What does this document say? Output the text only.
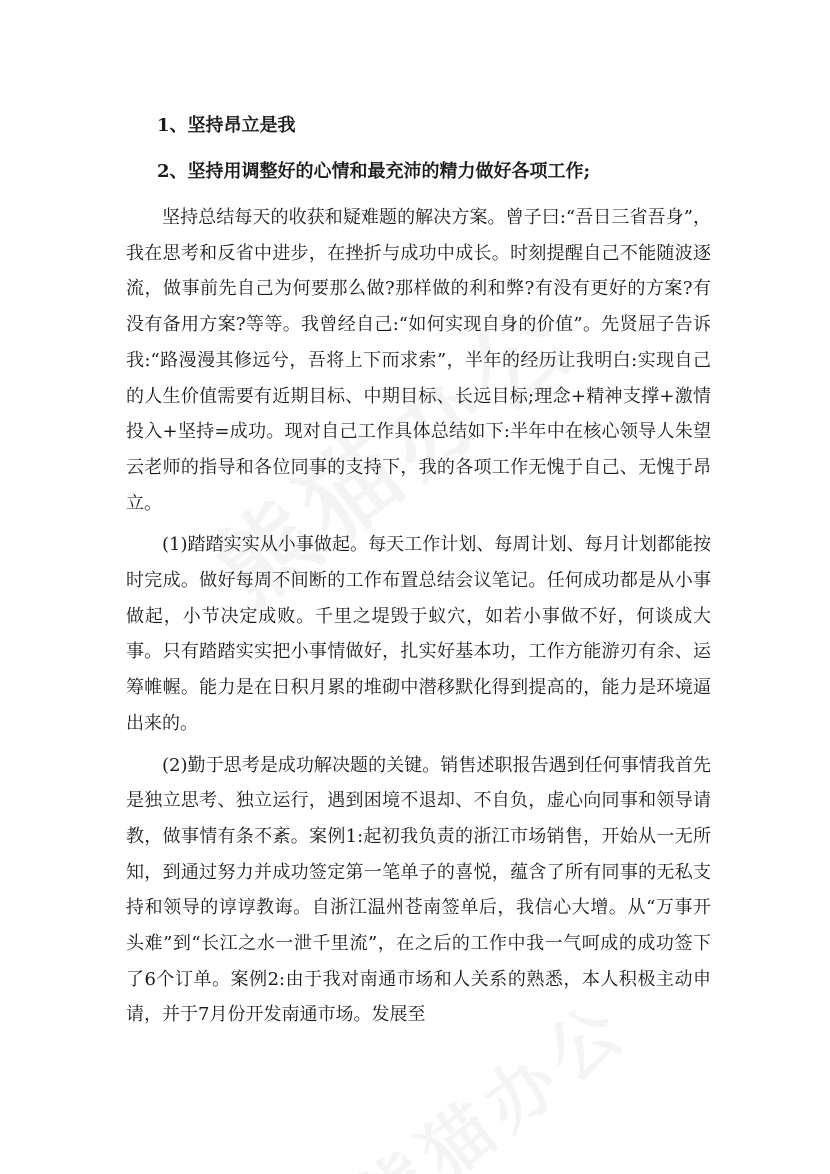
1、坚持昂立是我

2、坚持用调整好的心情和最充沛的精力做好各项工作;

坚持总结每天的收获和疑难题的解决方案。曾子曰:“吾日三省吾身”，我在思考和反省中进步，在挫折与成功中成长。时刻提醒自己不能随波逐流，做事前先自己为何要那么做?那样做的利和弊?有没有更好的方案?有没有备用方案?等等。我曾经自己:“如何实现自身的价值”。先贤屈子告诉我:“路漫漫其修远兮，吾将上下而求索”，半年的经历让我明白:实现自己的人生价值需要有近期目标、中期目标、长远目标;理念+精神支撑+激情投入+坚持=成功。现对自己工作具体总结如下:半年中在核心领导人朱望云老师的指导和各位同事的支持下，我的各项工作无愧于自己、无愧于昂立。

(1)踏踏实实从小事做起。每天工作计划、每周计划、每月计划都能按时完成。做好每周不间断的工作布置总结会议笔记。任何成功都是从小事做起，小节决定成败。千里之堤毁于蚁穴，如若小事做不好，何谈成大事。只有踏踏实实把小事情做好，扎实好基本功，工作方能游刃有余、运筹帷幄。能力是在日积月累的堆砌中潜移默化得到提高的，能力是环境逼出来的。

(2)勤于思考是成功解决题的关键。销售述职报告遇到任何事情我首先是独立思考、独立运行，遇到困境不退却、不自负，虚心向同事和领导请教，做事情有条不紊。案例1:起初我负责的浙江市场销售，开始从一无所知，到通过努力并成功签定第一笔单子的喜悦，蕴含了所有同事的无私支持和领导的谆谆教诲。自浙江温州苍南签单后，我信心大增。从“万事开头难”到“长江之水一泄千里流”，在之后的工作中我一气呵成的成功签下了6个订单。案例2:由于我对南通市场和人关系的熟悉，本人积极主动申请，并于7月份开发南通市场。发展至
